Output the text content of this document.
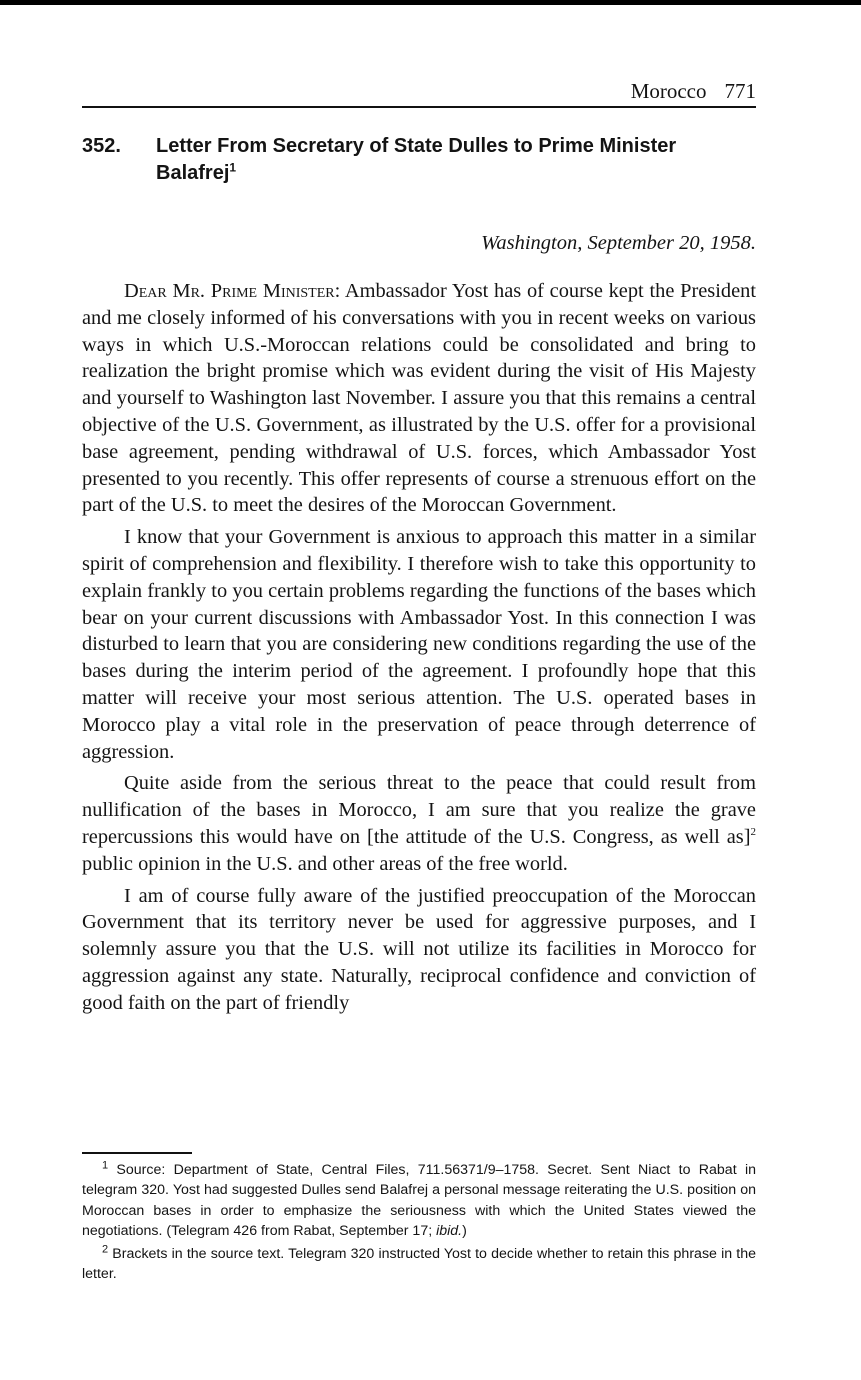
Morocco 771
352. Letter From Secretary of State Dulles to Prime Minister Balafrej$^1$
Washington, September 20, 1958.

Dear Mr. Prime Minister: Ambassador Yost has of course kept the President and me closely informed of his conversations with you in recent weeks on various ways in which U.S.-Moroccan relations could be consolidated and bring to realization the bright promise which was evident during the visit of His Majesty and yourself to Washington last November. I assure you that this remains a central objective of the U.S. Government, as illustrated by the U.S. offer for a provisional base agreement, pending withdrawal of U.S. forces, which Ambassador Yost presented to you recently. This offer represents of course a strenuous effort on the part of the U.S. to meet the desires of the Moroccan Government.

I know that your Government is anxious to approach this matter in a similar spirit of comprehension and flexibility. I therefore wish to take this opportunity to explain frankly to you certain problems regarding the functions of the bases which bear on your current discussions with Ambassador Yost. In this connection I was disturbed to learn that you are considering new conditions regarding the use of the bases during the interim period of the agreement. I profoundly hope that this matter will receive your most serious attention. The U.S. operated bases in Morocco play a vital role in the preservation of peace through deterrence of aggression.

Quite aside from the serious threat to the peace that could result from nullification of the bases in Morocco, I am sure that you realize the grave repercussions this would have on [the attitude of the U.S. Congress, as well as]$^2$ public opinion in the U.S. and other areas of the free world.

I am of course fully aware of the justified preoccupation of the Moroccan Government that its territory never be used for aggressive purposes, and I solemnly assure you that the U.S. will not utilize its facilities in Morocco for aggression against any state. Naturally, reciprocal confidence and conviction of good faith on the part of friendly

$^1$ Source: Department of State, Central Files, 711.56371/9–1758. Secret. Sent Niact to Rabat in telegram 320. Yost had suggested Dulles send Balafrej a personal message reiterating the U.S. position on Moroccan bases in order to emphasize the seriousness with which the United States viewed the negotiations. (Telegram 426 from Rabat, September 17; ibid.)

$^2$ Brackets in the source text. Telegram 320 instructed Yost to decide whether to retain this phrase in the letter.
